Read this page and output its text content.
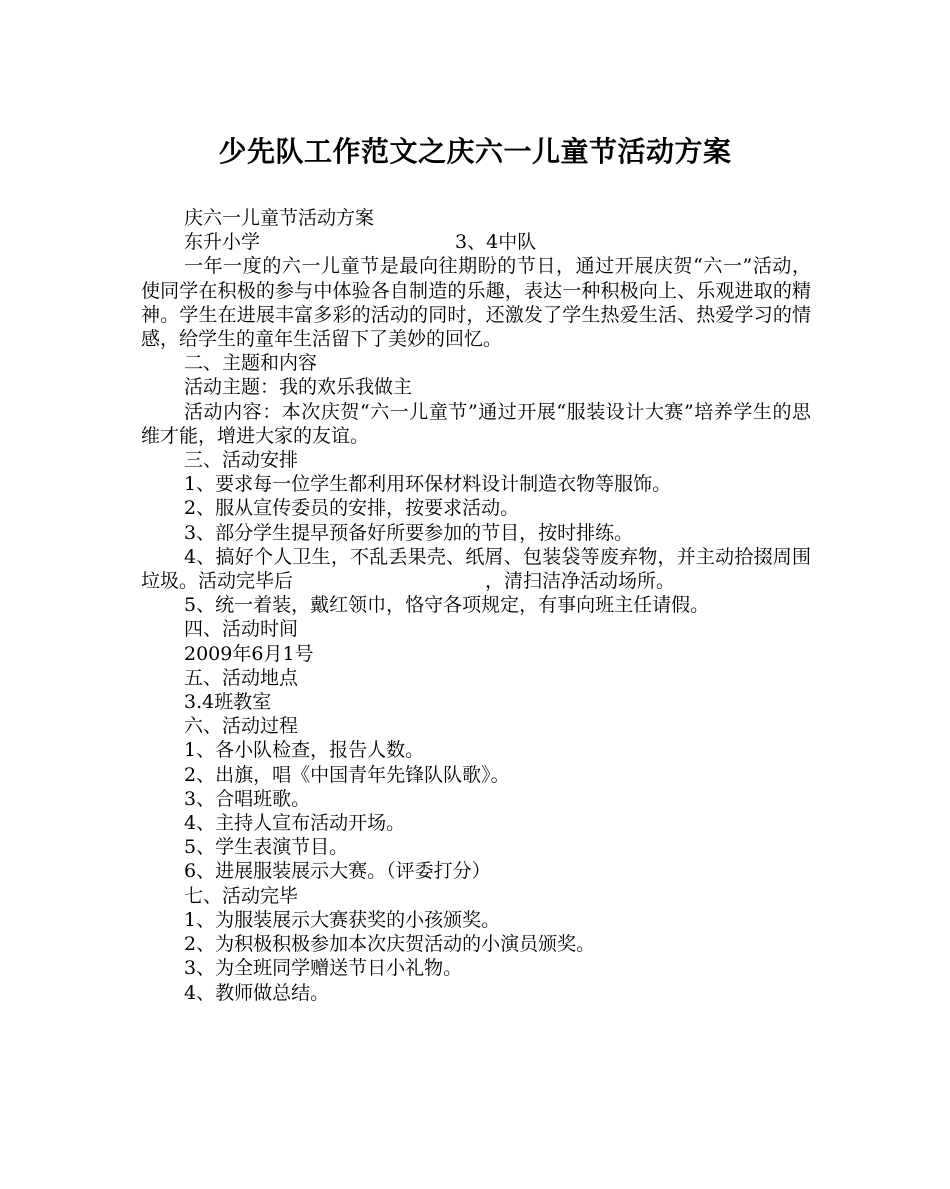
少先队工作范文之庆六一儿童节活动方案

庆六一儿童节活动方案

东升小学	3、4中队

一年一度的六一儿童节是最向往期盼的节日，通过开展庆贺“六一”活动，使同学在积极的参与中体验各自制造的乐趣，表达一种积极向上、乐观进取的精神。学生在进展丰富多彩的活动的同时，还激发了学生热爱生活、热爱学习的情感，给学生的童年生活留下了美妙的回忆。

二、主题和内容

活动主题：我的欢乐我做主

活动内容：本次庆贺“六一儿童节”通过开展“服装设计大赛”培养学生的思维才能，增进大家的友谊。

三、活动安排

1、要求每一位学生都利用环保材料设计制造衣物等服饰。

2、服从宣传委员的安排，按要求活动。

3、部分学生提早预备好所要参加的节目，按时排练。

4、搞好个人卫生，不乱丢果壳、纸屑、包装袋等废弃物，并主动拾掇周围垃圾。活动完毕后	，清扫洁净活动场所。

5、统一着装，戴红领巾，恪守各项规定，有事向班主任请假。

四、活动时间

2009年6月1号

五、活动地点

3.4班教室

六、活动过程

1、各小队检查，报告人数。

2、出旗，唱《中国青年先锋队队歌》。

3、合唱班歌。

4、主持人宣布活动开场。

5、学生表演节目。

6、进展服装展示大赛。（评委打分）

七、活动完毕

1、为服装展示大赛获奖的小孩颁奖。

2、为积极积极参加本次庆贺活动的小演员颁奖。

3、为全班同学赠送节日小礼物。

4、教师做总结。
